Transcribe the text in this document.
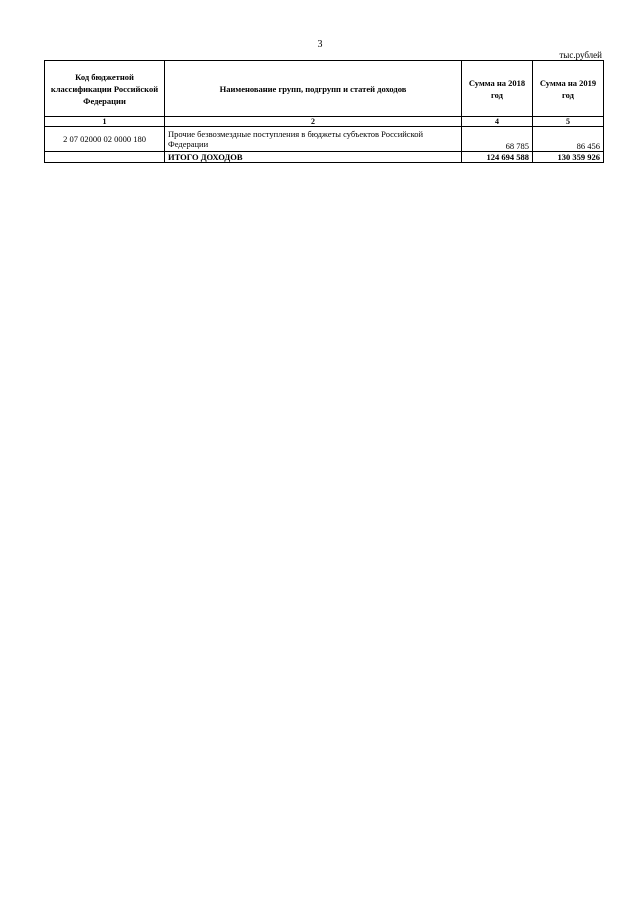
3
тыс.рублей
Код бюджетной классификации Российской Федерации	Наименование групп, подгрупп и статей доходов	Сумма на 2018 год	Сумма на 2019 год
1	2	4	5
2 07 02000 02 0000 180	Прочие безвозмездные поступления в бюджеты субъектов Российской Федерации	68 785	86 456
	ИТОГО ДОХОДОВ	124 694 588	130 359 926
